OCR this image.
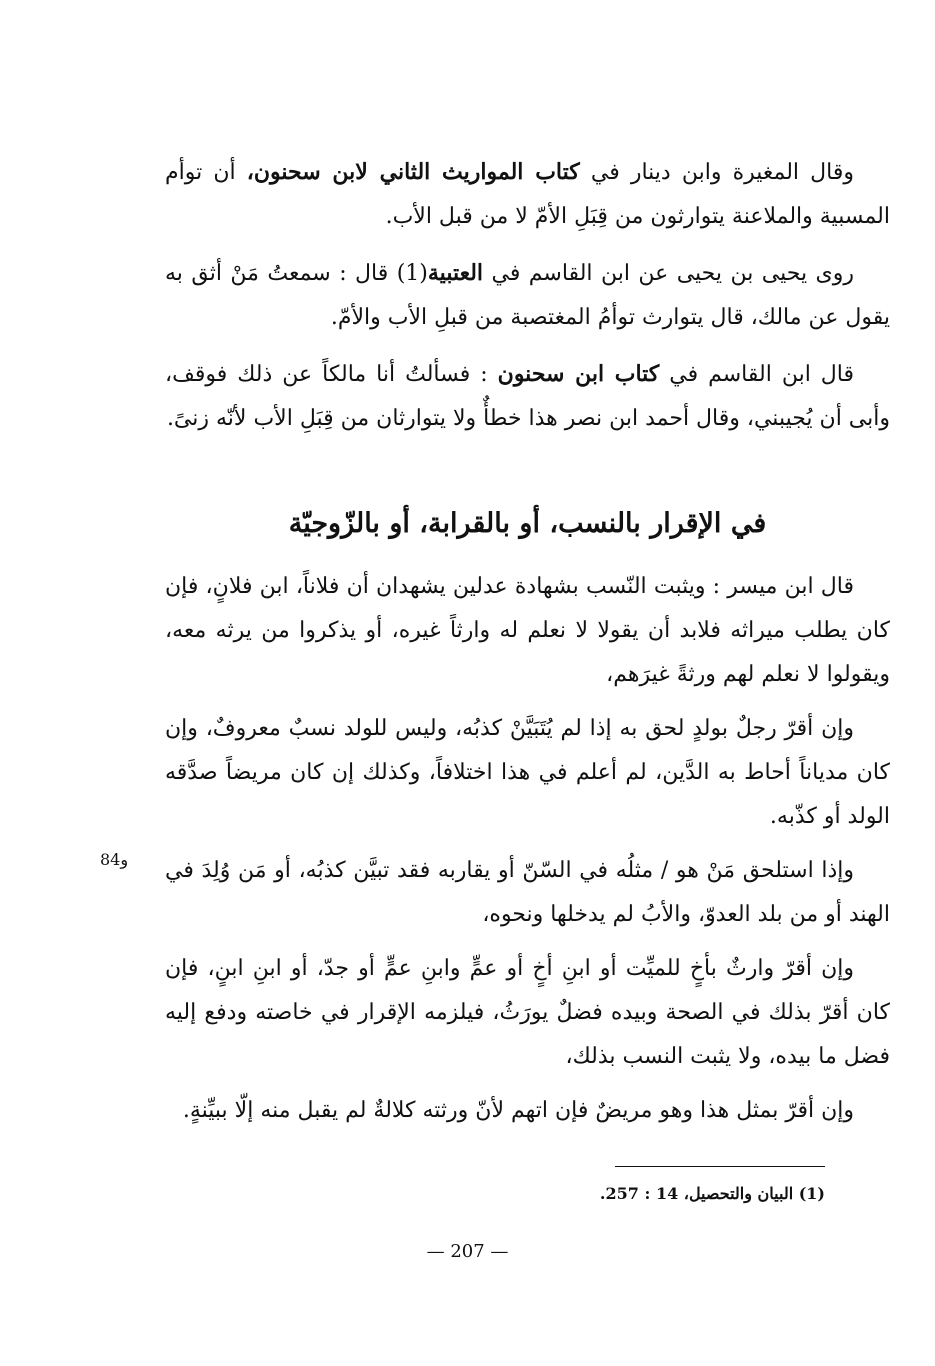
وقال المغيرة وابن دينار في كتاب المواريث الثاني لابن سحنون، أن توأم المسبية والملاعنة يتوارثون من قِبَلِ الأمّ لا من قبل الأب.

روى يحيى بن يحيى عن ابن القاسم في العتبية(1) قال : سمعتُ مَنْ أثق به يقول عن مالك، قال يتوارث توأمُ المغتصبة من قبلِ الأب والأمّ.

قال ابن القاسم في كتاب ابن سحنون : فسألتُ أنا مالكاً عن ذلك فوقف، وأبى أن يُجيبني، وقال أحمد ابن نصر هذا خطأٌ ولا يتوارثان من قِبَلِ الأب لأنّه زنىً.

في الإقرار بالنسب، أو بالقرابة، أو بالزّوجيّة

قال ابن ميسر : ويثبت النّسب بشهادة عدلين يشهدان أن فلاناً، ابن فلانٍ، فإن كان يطلب ميراثه فلابد أن يقولا لا نعلم له وارثاً غيره، أو يذكروا من يرثه معه، ويقولوا لا نعلم لهم ورثةً غيرَهم،

وإن أقرّ رجلٌ بولدٍ لحق به إذا لم يُتَبَيَّنْ كذبُه، وليس للولد نسبٌ معروفٌ، وإن كان مدياناً أحاط به الدَّين، لم أعلم في هذا اختلافاً، وكذلك إن كان مريضاً صدَّقه الولد أو كذّبه.

وإذا استلحق مَنْ هو / مثلُه في السّنّ أو يقاربه فقد تبيَّن كذبُه، أو مَن وُلِدَ في الهند أو من بلد العدوّ، والأبُ لم يدخلها ونحوه،

وإن أقرّ وارثٌ بأخٍ للميِّت أو ابنِ أخٍ أو عمٍّ وابنِ عمٍّ أو جدّ، أو ابنِ ابنٍ، فإن كان أقرّ بذلك في الصحة وبيده فضلٌ يورَثُ، فيلزمه الإقرار في خاصته ودفع إليه فضل ما بيده، ولا يثبت النسب بذلك،

وإن أقرّ بمثل هذا وهو مريضٌ فإن اتهم لأنّ ورثته كلالةٌ لم يقبل منه إلّا ببيِّنةٍ.

84و
(1) البيان والتحصيل، 14 : 257.
— 207 —
